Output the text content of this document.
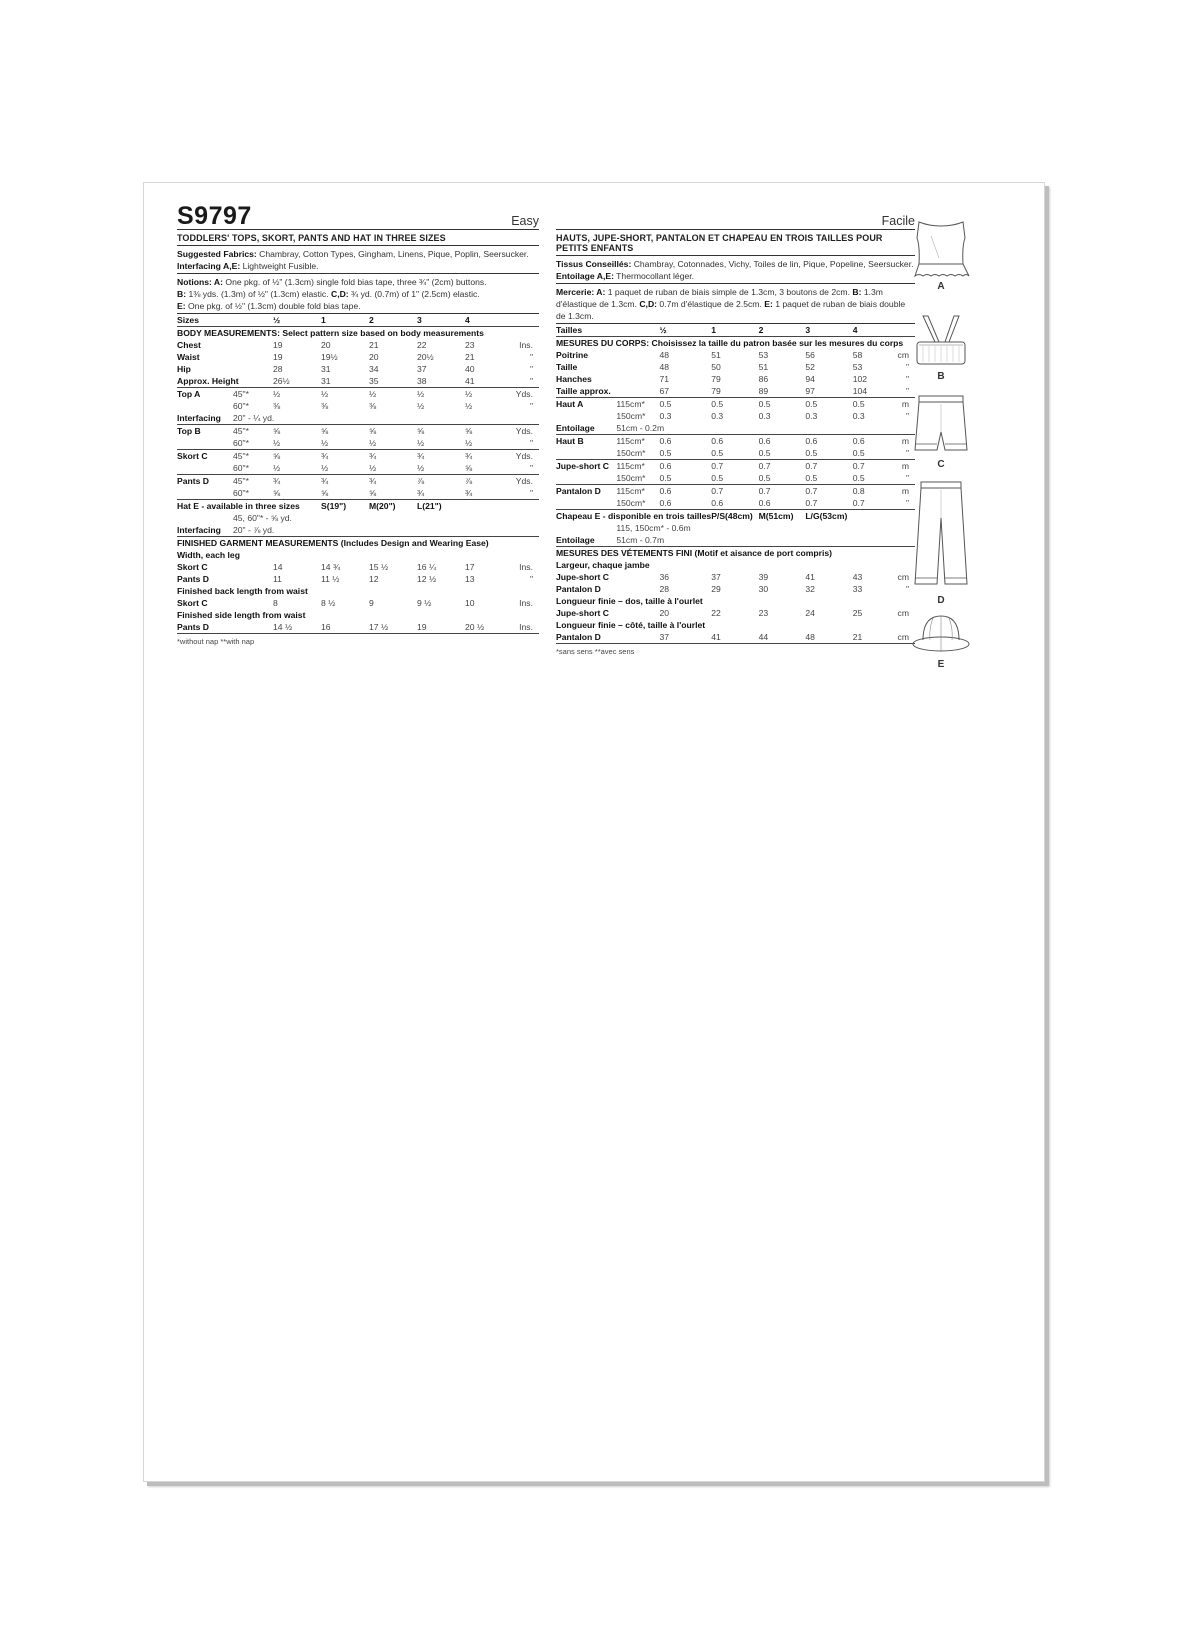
S9797	Easy
TODDLERS' TOPS, SKORT, PANTS AND HAT IN THREE SIZES
Suggested Fabrics: Chambray, Cotton Types, Gingham, Linens, Pique, Poplin, Seersucker.
Interfacing A,E: Lightweight Fusible.
Notions: A: One pkg. of ½" (1.3cm) single fold bias tape, three ¾" (2cm) buttons.
B: 1⅜ yds. (1.3m) of ½" (1.3cm) elastic. C,D: ¾ yd. (0.7m) of 1" (2.5cm) elastic.
E: One pkg. of ½" (1.3cm) double fold bias tape.
Sizes		½	1	2	3	4	
BODY MEASUREMENTS: Select pattern size based on body measurements							
Chest		19	20	21	22	23	Ins.
Waist		19	19½	20	20½	21	"
Hip		28	31	34	37	40	"
Approx. Height		26½	31	35	38	41	"
Top A	45"*	½	½	½	½	½	Yds.
	60"*	⅜	⅜	⅜	½	½	"
Interfacing	20" - ¼ yd.						
Top B	45"*	⅝	⅝	⅝	⅝	⅝	Yds.
	60"*	½	½	½	½	½	"
Skort C	45"*	⅝	¾	¾	¾	¾	Yds.
	60"*	½	½	½	½	⅝	"
Pants D	45"*	¾	¾	¾	⅞	⅞	Yds.
	60"*	⅝	⅝	⅝	¾	¾	"
Hat E - available in three sizes			S(19")	M(20")	L(21")		
	45, 60"* - ⅝ yd.						
Interfacing	20" - ⅞ yd.						
FINISHED GARMENT MEASUREMENTS (Includes Design and Wearing Ease)							
Width, each leg							
Skort C		14	14 ¾	15 ½	16 ¼	17	Ins.
Pants D		11	11 ½	12	12 ½	13	"
Finished back length from waist							
Skort C		8	8 ½	9	9 ½	10	Ins.
Finished side length from waist							
Pants D		14 ½	16	17 ½	19	20 ½	Ins.
*without nap **with nap
Facile
HAUTS, JUPE-SHORT, PANTALON ET CHAPEAU EN TROIS TAILLES POUR PETITS ENFANTS
Tissus Conseillés: Chambray, Cotonnades, Vichy, Toiles de lin, Pique, Popeline, Seersucker.
Entoilage A,E: Thermocollant léger.
Mercerie: A: 1 paquet de ruban de biais simple de 1.3cm, 3 boutons de 2cm. B: 1.3m d'élastique de 1.3cm. C,D: 0.7m d'élastique de 2.5cm. E: 1 paquet de ruban de biais double de 1.3cm.
Tailles		½	1	2	3	4	
MESURES DU CORPS: Choisissez la taille du patron basée sur les mesures du corps							
Poitrine		48	51	53	56	58	cm
Taille		48	50	51	52	53	"
Hanches		71	79	86	94	102	"
Taille approx.		67	79	89	97	104	"
Haut A	115cm*	0.5	0.5	0.5	0.5	0.5	m
	150cm*	0.3	0.3	0.3	0.3	0.3	"
Entoilage	51cm - 0.2m						
Haut B	115cm*	0.6	0.6	0.6	0.6	0.6	m
	150cm*	0.5	0.5	0.5	0.5	0.5	"
Jupe-short C	115cm*	0.6	0.7	0.7	0.7	0.7	m
	150cm*	0.5	0.5	0.5	0.5	0.5	"
Pantalon D	115cm*	0.6	0.7	0.7	0.7	0.8	m
	150cm*	0.6	0.6	0.6	0.7	0.7	"
Chapeau E - disponible en trois tailles			P/S(48cm)	M(51cm)	L/G(53cm)		
	115, 150cm* - 0.6m						
Entoilage	51cm - 0.7m						
MESURES DES VÉTEMENTS FINI (Motif et aisance de port compris)							
Largeur, chaque jambe							
Jupe-short C		36	37	39	41	43	cm
Pantalon D		28	29	30	32	33	"
Longueur finie – dos, taille à l'ourlet							
Jupe-short C		20	22	23	24	25	cm
Longueur finie – côté, taille à l'ourlet							
Pantalon D		37	41	44	48	21	cm
*sans sens **avec sens
A
B
C
D
E
